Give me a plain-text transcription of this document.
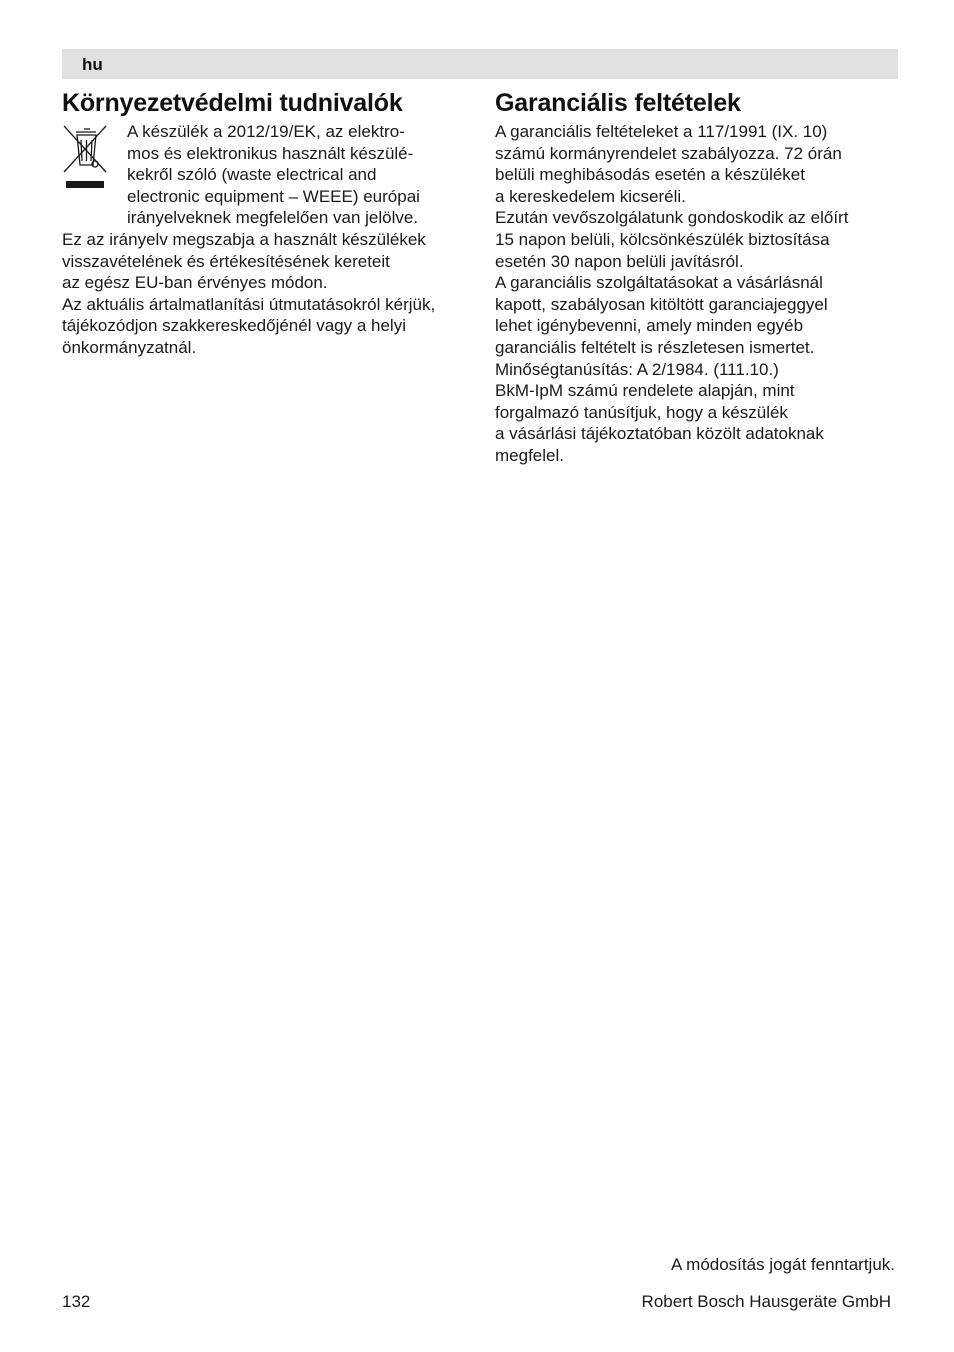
hu
Környezetvédelmi tudnivalók
A készülék a 2012/19/EK, az elektro-
mos és elektronikus használt készülé-
kekről szóló (waste electrical and
electronic equipment – WEEE) európai
irányelveknek megfelelően van jelölve.
Ez az irányelv megszabja a használt készülékek
visszavételének és értékesítésének kereteit
az egész EU-ban érvényes módon.
Az aktuális ártalmatlanítási útmutatásokról kérjük,
tájékozódjon szakkereskedőjénél vagy a helyi
önkormányzatnál.
Garanciális feltételek
A garanciális feltételeket a 117/1991 (IX. 10)
számú kormányrendelet szabályozza. 72 órán
belüli meghibásodás esetén a készüléket
a kereskedelem kicseréli.
Ezután vevőszolgálatunk gondoskodik az előírt
15 napon belüli, kölcsönkészülék biztosítása
esetén 30 napon belüli javításról.
A garanciális szolgáltatásokat a vásárlásnál
kapott, szabályosan kitöltött garanciajeggyel
lehet igénybevenni, amely minden egyéb
garanciális feltételt is részletesen ismertet.
Minőségtanúsítás: A 2/1984. (111.10.)
BkM-IpM számú rendelete alapján, mint
forgalmazó tanúsítjuk, hogy a készülék
a vásárlási tájékoztatóban közölt adatoknak
megfelel.
A módosítás jogát fenntartjuk.
132	Robert Bosch Hausgeräte GmbH
